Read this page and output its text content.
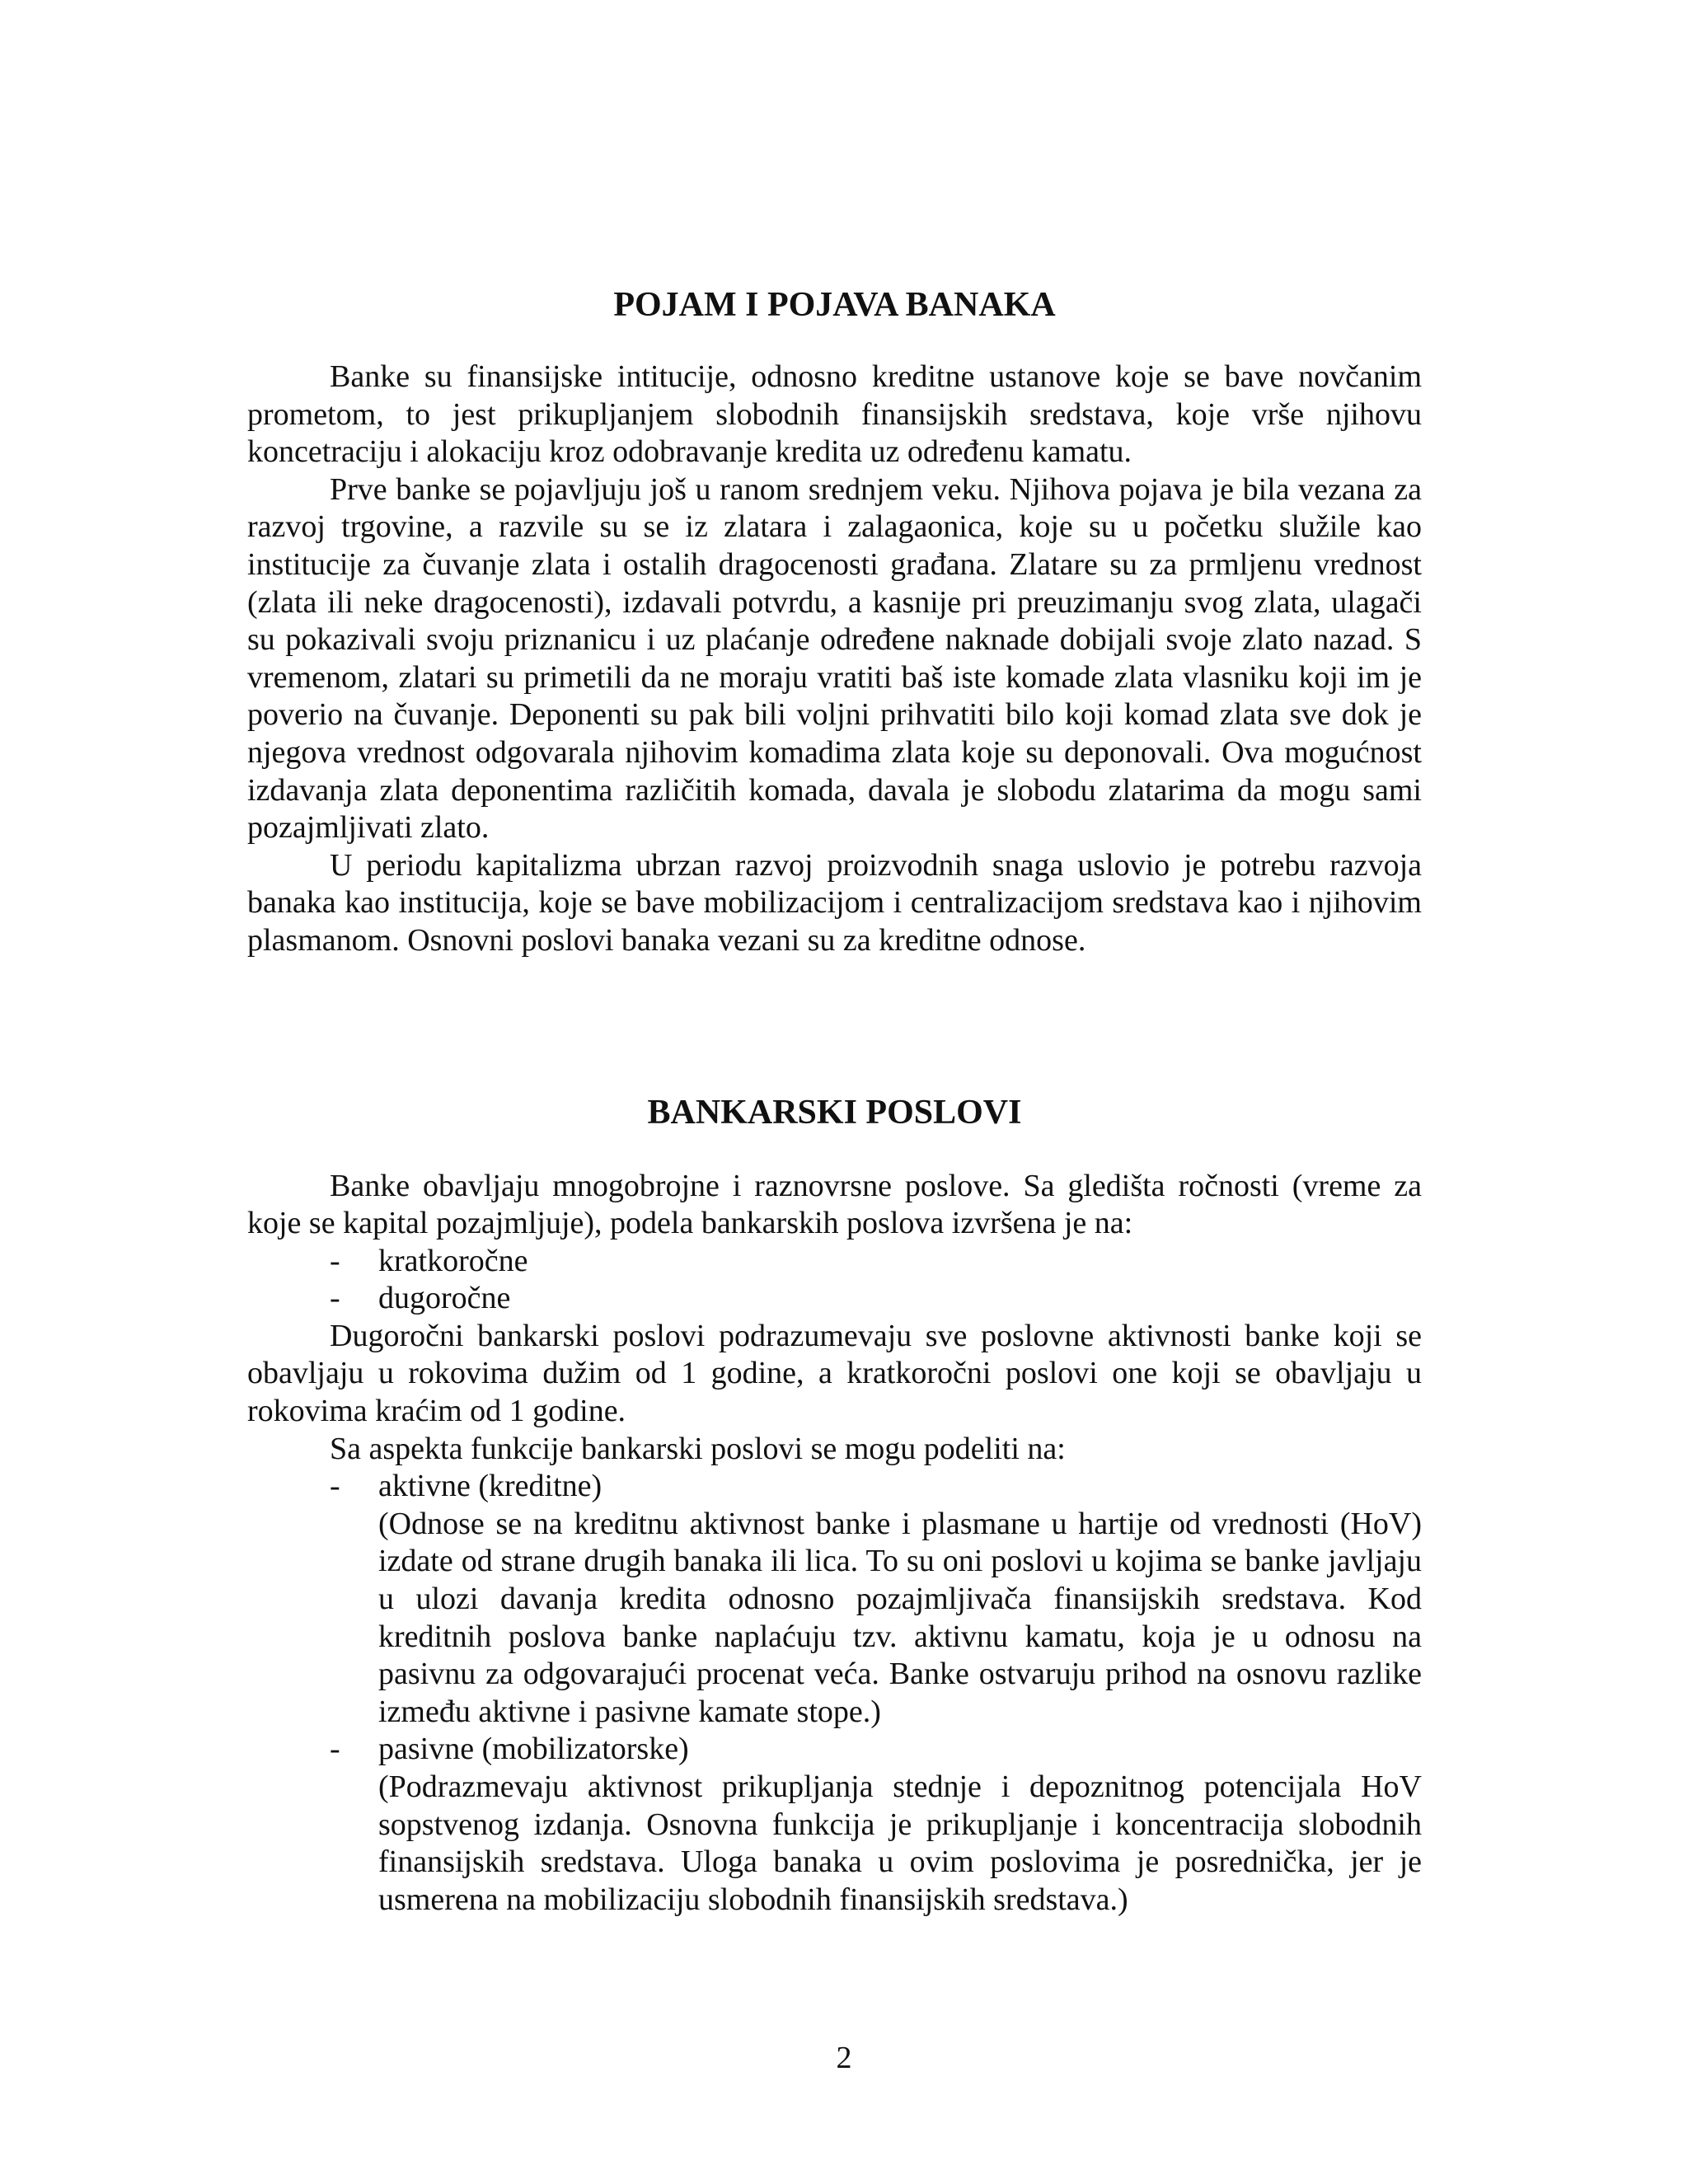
POJAM I POJAVA BANAKA

Banke su finansijske intitucije, odnosno kreditne ustanove koje se bave novčanim prometom, to jest prikupljanjem slobodnih finansijskih sredstava, koje vrše njihovu koncetraciju i alokaciju kroz odobravanje kredita uz određenu kamatu.

Prve banke se pojavljuju još u ranom srednjem veku. Njihova pojava je bila vezana za razvoj trgovine, a razvile su se iz zlatara i zalagaonica, koje su u početku služile kao institucije za čuvanje zlata i ostalih dragocenosti građana. Zlatare su za prmljenu vrednost (zlata ili neke dragocenosti), izdavali potvrdu, a kasnije pri preuzimanju svog zlata, ulagači su pokazivali svoju priznanicu i uz plaćanje određene naknade dobijali svoje zlato nazad. S vremenom, zlatari su primetili da ne moraju vratiti baš iste komade zlata vlasniku koji im je poverio na čuvanje. Deponenti su pak bili voljni prihvatiti bilo koji komad zlata sve dok je njegova vrednost odgovarala njihovim komadima zlata koje su deponovali. Ova mogućnost izdavanja zlata deponentima različitih komada, davala je slobodu zlatarima da mogu sami pozajmljivati zlato.

U periodu kapitalizma ubrzan razvoj proizvodnih snaga uslovio je potrebu razvoja banaka kao institucija, koje se bave mobilizacijom i centralizacijom sredstava kao i njihovim plasmanom. Osnovni poslovi banaka vezani su za kreditne odnose.

BANKARSKI POSLOVI

Banke obavljaju mnogobrojne i raznovrsne poslove. Sa gledišta ročnosti (vreme za koje se kapital pozajmljuje), podela bankarskih poslova izvršena je na:

- kratkoročne
- dugoročne

Dugoročni bankarski poslovi podrazumevaju sve poslovne aktivnosti banke koji se obavljaju u rokovima dužim od 1 godine, a kratkoročni poslovi one koji se obavljaju u rokovima kraćim od 1 godine.

Sa aspekta funkcije bankarski poslovi se mogu podeliti na:

- aktivne (kreditne)
(Odnose se na kreditnu aktivnost banke i plasmane u hartije od vrednosti (HoV) izdate od strane drugih banaka ili lica. To su oni poslovi u kojima se banke javljaju u ulozi davanja kredita odnosno pozajmljivača finansijskih sredstava. Kod kreditnih poslova banke naplaćuju tzv. aktivnu kamatu, koja je u odnosu na pasivnu za odgovarajući procenat veća. Banke ostvaruju prihod na osnovu razlike između aktivne i pasivne kamate stope.)
- pasivne (mobilizatorske)
(Podrazmevaju aktivnost prikupljanja stednje i depoznitnog potencijala HoV sopstvenog izdanja. Osnovna funkcija je prikupljanje i koncentracija slobodnih finansijskih sredstava. Uloga banaka u ovim poslovima je posrednička, jer je usmerena na mobilizaciju slobodnih finansijskih sredstava.)
2
